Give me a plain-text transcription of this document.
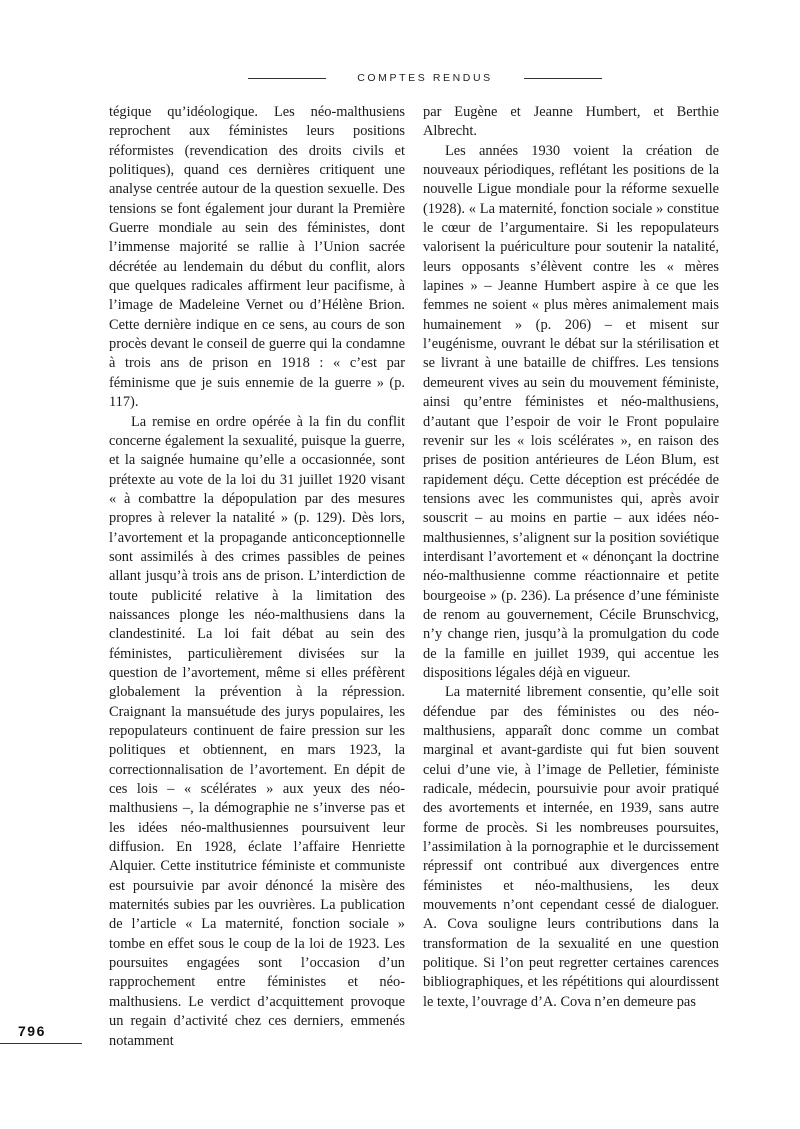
COMPTES RENDUS

tégique qu’idéologique. Les néo-malthusiens reprochent aux féministes leurs positions réformistes (revendication des droits civils et politiques), quand ces dernières critiquent une analyse centrée autour de la question sexuelle. Des tensions se font également jour durant la Première Guerre mondiale au sein des féministes, dont l’immense majorité se rallie à l’Union sacrée décrétée au lendemain du début du conflit, alors que quelques radicales affirment leur pacifisme, à l’image de Madeleine Vernet ou d’Hélène Brion. Cette dernière indique en ce sens, au cours de son procès devant le conseil de guerre qui la condamne à trois ans de prison en 1918 : « c’est par féminisme que je suis ennemie de la guerre » (p. 117).

La remise en ordre opérée à la fin du conflit concerne également la sexualité, puisque la guerre, et la saignée humaine qu’elle a occasionnée, sont prétexte au vote de la loi du 31 juillet 1920 visant « à combattre la dépopulation par des mesures propres à relever la natalité » (p. 129). Dès lors, l’avortement et la propagande anticonceptionnelle sont assimilés à des crimes passibles de peines allant jusqu’à trois ans de prison. L’interdiction de toute publicité relative à la limitation des naissances plonge les néo-malthusiens dans la clandestinité. La loi fait débat au sein des féministes, particulièrement divisées sur la question de l’avortement, même si elles préfèrent globalement la prévention à la répression. Craignant la mansuétude des jurys populaires, les repopulateurs continuent de faire pression sur les politiques et obtiennent, en mars 1923, la correctionnalisation de l’avortement. En dépit de ces lois – « scélérates » aux yeux des néo-malthusiens –, la démographie ne s’inverse pas et les idées néo-malthusiennes poursuivent leur diffusion. En 1928, éclate l’affaire Henriette Alquier. Cette institutrice féministe et communiste est poursuivie par avoir dénoncé la misère des maternités subies par les ouvrières. La publication de l’article « La maternité, fonction sociale » tombe en effet sous le coup de la loi de 1923. Les poursuites engagées sont l’occasion d’un rapprochement entre féministes et néo-malthusiens. Le verdict d’acquittement provoque un regain d’activité chez ces derniers, emmenés notamment

par Eugène et Jeanne Humbert, et Berthie Albrecht.

Les années 1930 voient la création de nouveaux périodiques, reflétant les positions de la nouvelle Ligue mondiale pour la réforme sexuelle (1928). « La maternité, fonction sociale » constitue le cœur de l’argumentaire. Si les repopulateurs valorisent la puériculture pour soutenir la natalité, leurs opposants s’élèvent contre les « mères lapines » – Jeanne Humbert aspire à ce que les femmes ne soient « plus mères animalement mais humainement » (p. 206) – et misent sur l’eugénisme, ouvrant le débat sur la stérilisation et se livrant à une bataille de chiffres. Les tensions demeurent vives au sein du mouvement féministe, ainsi qu’entre féministes et néo-malthusiens, d’autant que l’espoir de voir le Front populaire revenir sur les « lois scélérates », en raison des prises de position antérieures de Léon Blum, est rapidement déçu. Cette déception est précédée de tensions avec les communistes qui, après avoir souscrit – au moins en partie – aux idées néo-malthusiennes, s’alignent sur la position soviétique interdisant l’avortement et « dénonçant la doctrine néo-malthusienne comme réactionnaire et petite bourgeoise » (p. 236). La présence d’une féministe de renom au gouvernement, Cécile Brunschvicg, n’y change rien, jusqu’à la promulgation du code de la famille en juillet 1939, qui accentue les dispositions légales déjà en vigueur.

La maternité librement consentie, qu’elle soit défendue par des féministes ou des néo-malthusiens, apparaît donc comme un combat marginal et avant-gardiste qui fut bien souvent celui d’une vie, à l’image de Pelletier, féministe radicale, médecin, poursuivie pour avoir pratiqué des avortements et internée, en 1939, sans autre forme de procès. Si les nombreuses poursuites, l’assimilation à la pornographie et le durcissement répressif ont contribué aux divergences entre féministes et néo-malthusiens, les deux mouvements n’ont cependant cessé de dialoguer. A. Cova souligne leurs contributions dans la transformation de la sexualité en une question politique. Si l’on peut regretter certaines carences bibliographiques, et les répétitions qui alourdissent le texte, l’ouvrage d’A. Cova n’en demeure pas

796
